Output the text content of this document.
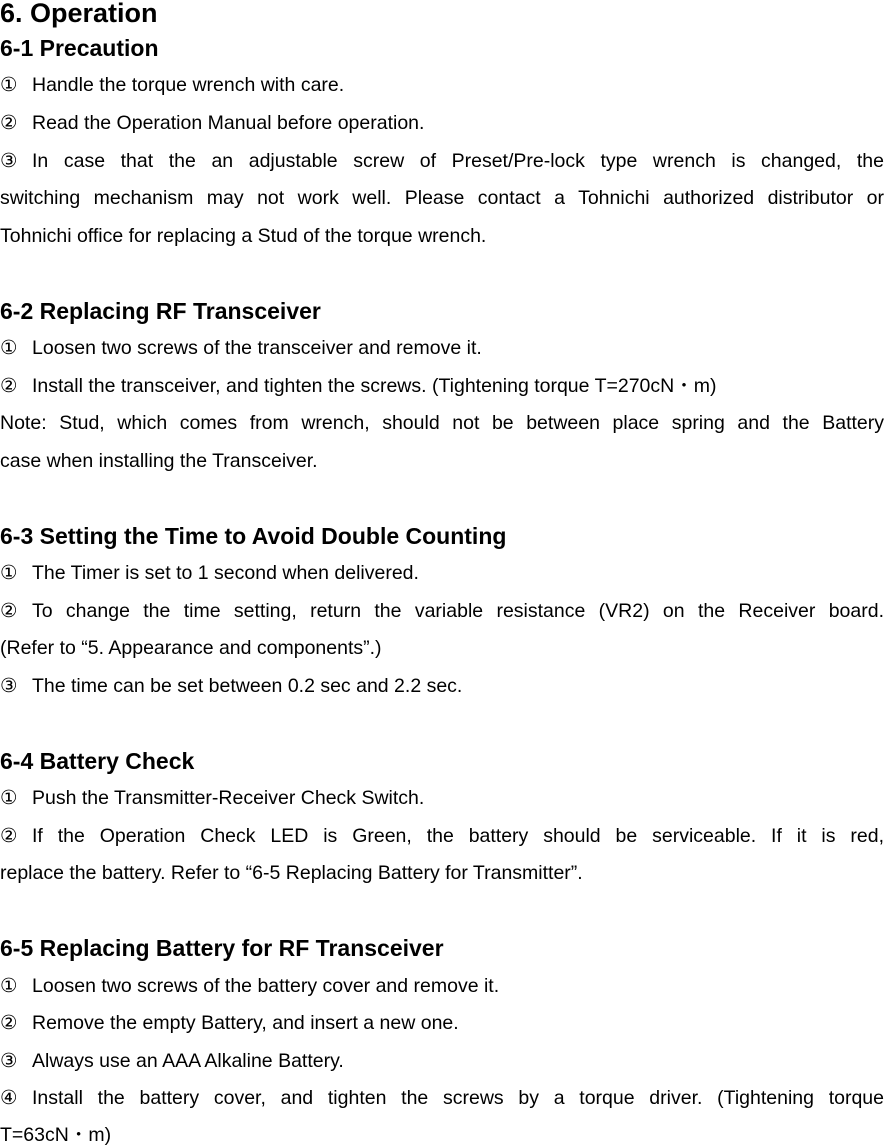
6. Operation
6-1 Precaution
① Handle the torque wrench with care.
② Read the Operation Manual before operation.
③ In case that the an adjustable screw of Preset/Pre-lock type wrench is changed, the
switching mechanism may not work well. Please contact a Tohnichi authorized distributor or
Tohnichi office for replacing a Stud of the torque wrench.
6-2 Replacing RF Transceiver
① Loosen two screws of the transceiver and remove it.
② Install the transceiver, and tighten the screws. (Tightening torque T=270cN・m)
Note: Stud, which comes from wrench, should not be between place spring and the Battery
case when installing the Transceiver.
6-3 Setting the Time to Avoid Double Counting
① The Timer is set to 1 second when delivered.
② To change the time setting, return the variable resistance (VR2) on the Receiver board.
(Refer to “5. Appearance and components”.)
③ The time can be set between 0.2 sec and 2.2 sec.
6-4 Battery Check
① Push the Transmitter-Receiver Check Switch.
② If the Operation Check LED is Green, the battery should be serviceable. If it is red,
replace the battery. Refer to “6-5 Replacing Battery for Transmitter”.
6-5 Replacing Battery for RF Transceiver
① Loosen two screws of the battery cover and remove it.
② Remove the empty Battery, and insert a new one.
③ Always use an AAA Alkaline Battery.
④ Install the battery cover, and tighten the screws by a torque driver. (Tightening torque
T=63cN・m)
